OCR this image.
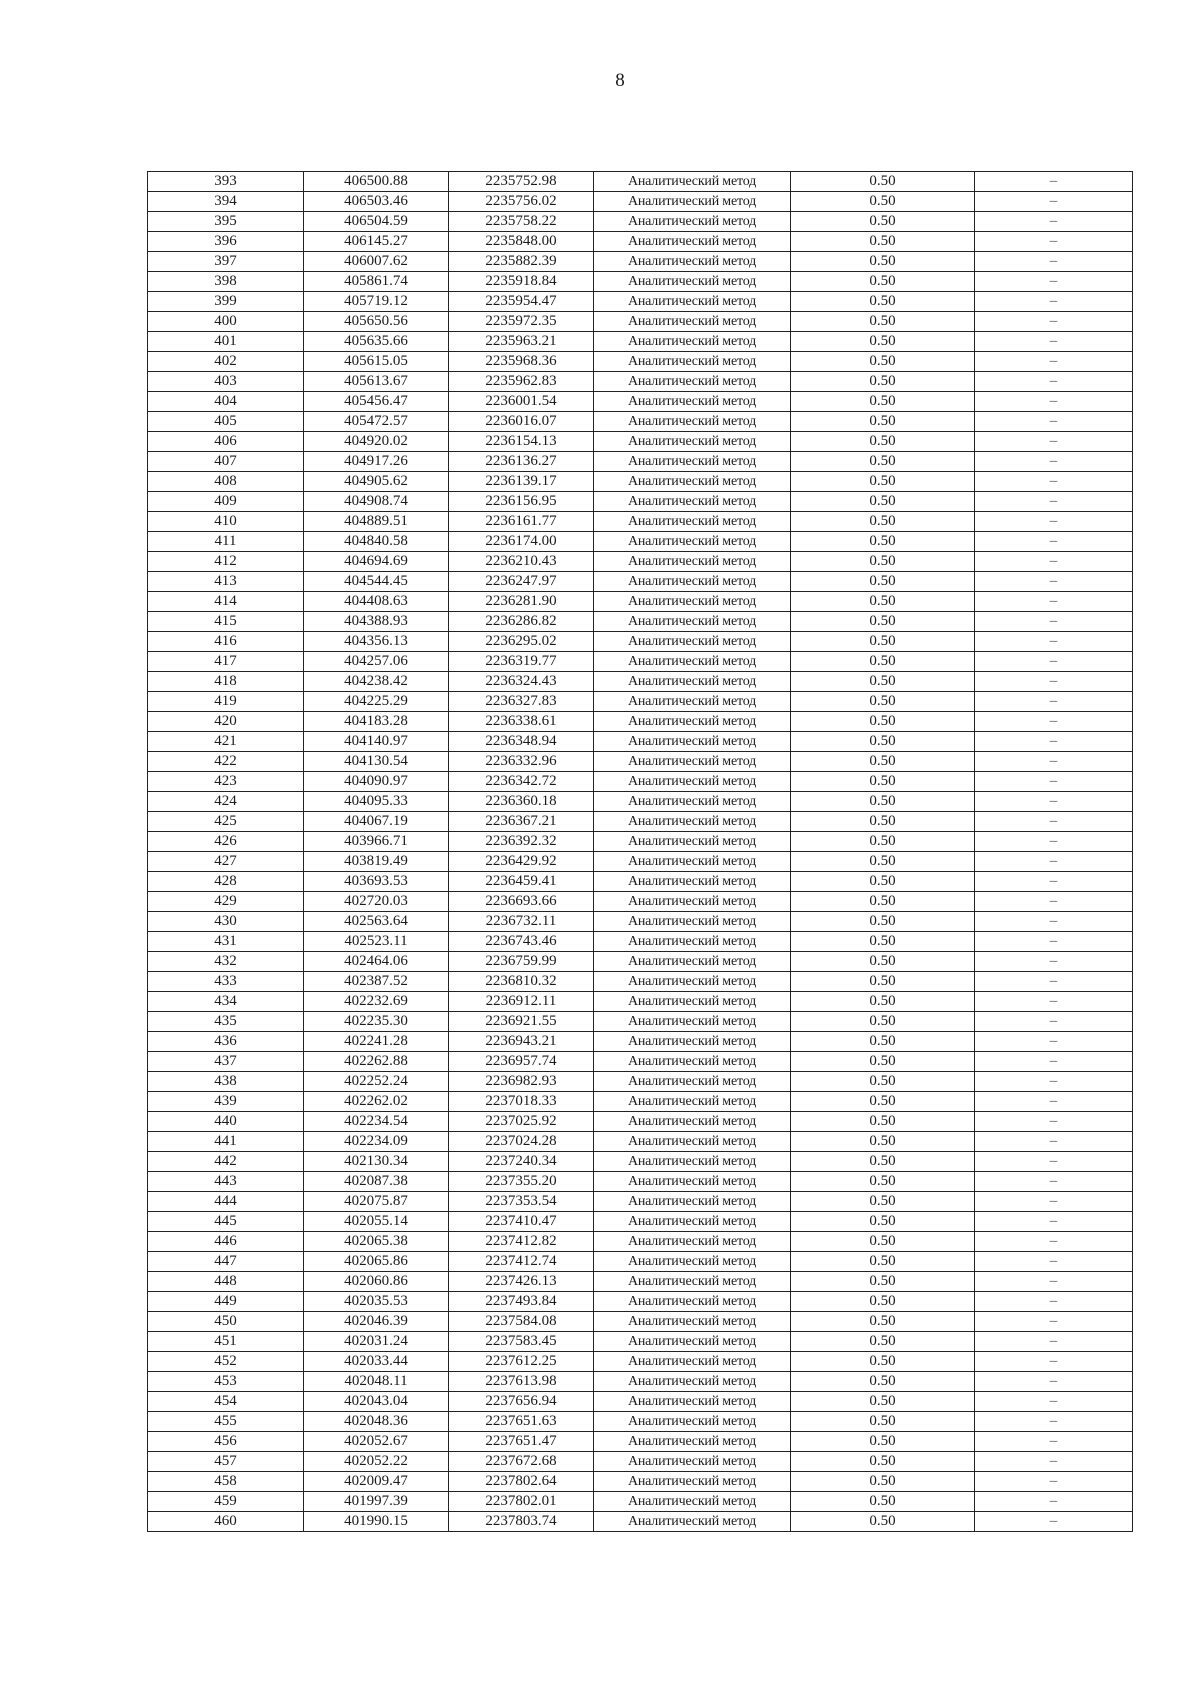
8
393	406500.88	2235752.98	Аналитический метод	0.50	–
394	406503.46	2235756.02	Аналитический метод	0.50	–
395	406504.59	2235758.22	Аналитический метод	0.50	–
396	406145.27	2235848.00	Аналитический метод	0.50	–
397	406007.62	2235882.39	Аналитический метод	0.50	–
398	405861.74	2235918.84	Аналитический метод	0.50	–
399	405719.12	2235954.47	Аналитический метод	0.50	–
400	405650.56	2235972.35	Аналитический метод	0.50	–
401	405635.66	2235963.21	Аналитический метод	0.50	–
402	405615.05	2235968.36	Аналитический метод	0.50	–
403	405613.67	2235962.83	Аналитический метод	0.50	–
404	405456.47	2236001.54	Аналитический метод	0.50	–
405	405472.57	2236016.07	Аналитический метод	0.50	–
406	404920.02	2236154.13	Аналитический метод	0.50	–
407	404917.26	2236136.27	Аналитический метод	0.50	–
408	404905.62	2236139.17	Аналитический метод	0.50	–
409	404908.74	2236156.95	Аналитический метод	0.50	–
410	404889.51	2236161.77	Аналитический метод	0.50	–
411	404840.58	2236174.00	Аналитический метод	0.50	–
412	404694.69	2236210.43	Аналитический метод	0.50	–
413	404544.45	2236247.97	Аналитический метод	0.50	–
414	404408.63	2236281.90	Аналитический метод	0.50	–
415	404388.93	2236286.82	Аналитический метод	0.50	–
416	404356.13	2236295.02	Аналитический метод	0.50	–
417	404257.06	2236319.77	Аналитический метод	0.50	–
418	404238.42	2236324.43	Аналитический метод	0.50	–
419	404225.29	2236327.83	Аналитический метод	0.50	–
420	404183.28	2236338.61	Аналитический метод	0.50	–
421	404140.97	2236348.94	Аналитический метод	0.50	–
422	404130.54	2236332.96	Аналитический метод	0.50	–
423	404090.97	2236342.72	Аналитический метод	0.50	–
424	404095.33	2236360.18	Аналитический метод	0.50	–
425	404067.19	2236367.21	Аналитический метод	0.50	–
426	403966.71	2236392.32	Аналитический метод	0.50	–
427	403819.49	2236429.92	Аналитический метод	0.50	–
428	403693.53	2236459.41	Аналитический метод	0.50	–
429	402720.03	2236693.66	Аналитический метод	0.50	–
430	402563.64	2236732.11	Аналитический метод	0.50	–
431	402523.11	2236743.46	Аналитический метод	0.50	–
432	402464.06	2236759.99	Аналитический метод	0.50	–
433	402387.52	2236810.32	Аналитический метод	0.50	–
434	402232.69	2236912.11	Аналитический метод	0.50	–
435	402235.30	2236921.55	Аналитический метод	0.50	–
436	402241.28	2236943.21	Аналитический метод	0.50	–
437	402262.88	2236957.74	Аналитический метод	0.50	–
438	402252.24	2236982.93	Аналитический метод	0.50	–
439	402262.02	2237018.33	Аналитический метод	0.50	–
440	402234.54	2237025.92	Аналитический метод	0.50	–
441	402234.09	2237024.28	Аналитический метод	0.50	–
442	402130.34	2237240.34	Аналитический метод	0.50	–
443	402087.38	2237355.20	Аналитический метод	0.50	–
444	402075.87	2237353.54	Аналитический метод	0.50	–
445	402055.14	2237410.47	Аналитический метод	0.50	–
446	402065.38	2237412.82	Аналитический метод	0.50	–
447	402065.86	2237412.74	Аналитический метод	0.50	–
448	402060.86	2237426.13	Аналитический метод	0.50	–
449	402035.53	2237493.84	Аналитический метод	0.50	–
450	402046.39	2237584.08	Аналитический метод	0.50	–
451	402031.24	2237583.45	Аналитический метод	0.50	–
452	402033.44	2237612.25	Аналитический метод	0.50	–
453	402048.11	2237613.98	Аналитический метод	0.50	–
454	402043.04	2237656.94	Аналитический метод	0.50	–
455	402048.36	2237651.63	Аналитический метод	0.50	–
456	402052.67	2237651.47	Аналитический метод	0.50	–
457	402052.22	2237672.68	Аналитический метод	0.50	–
458	402009.47	2237802.64	Аналитический метод	0.50	–
459	401997.39	2237802.01	Аналитический метод	0.50	–
460	401990.15	2237803.74	Аналитический метод	0.50	–
